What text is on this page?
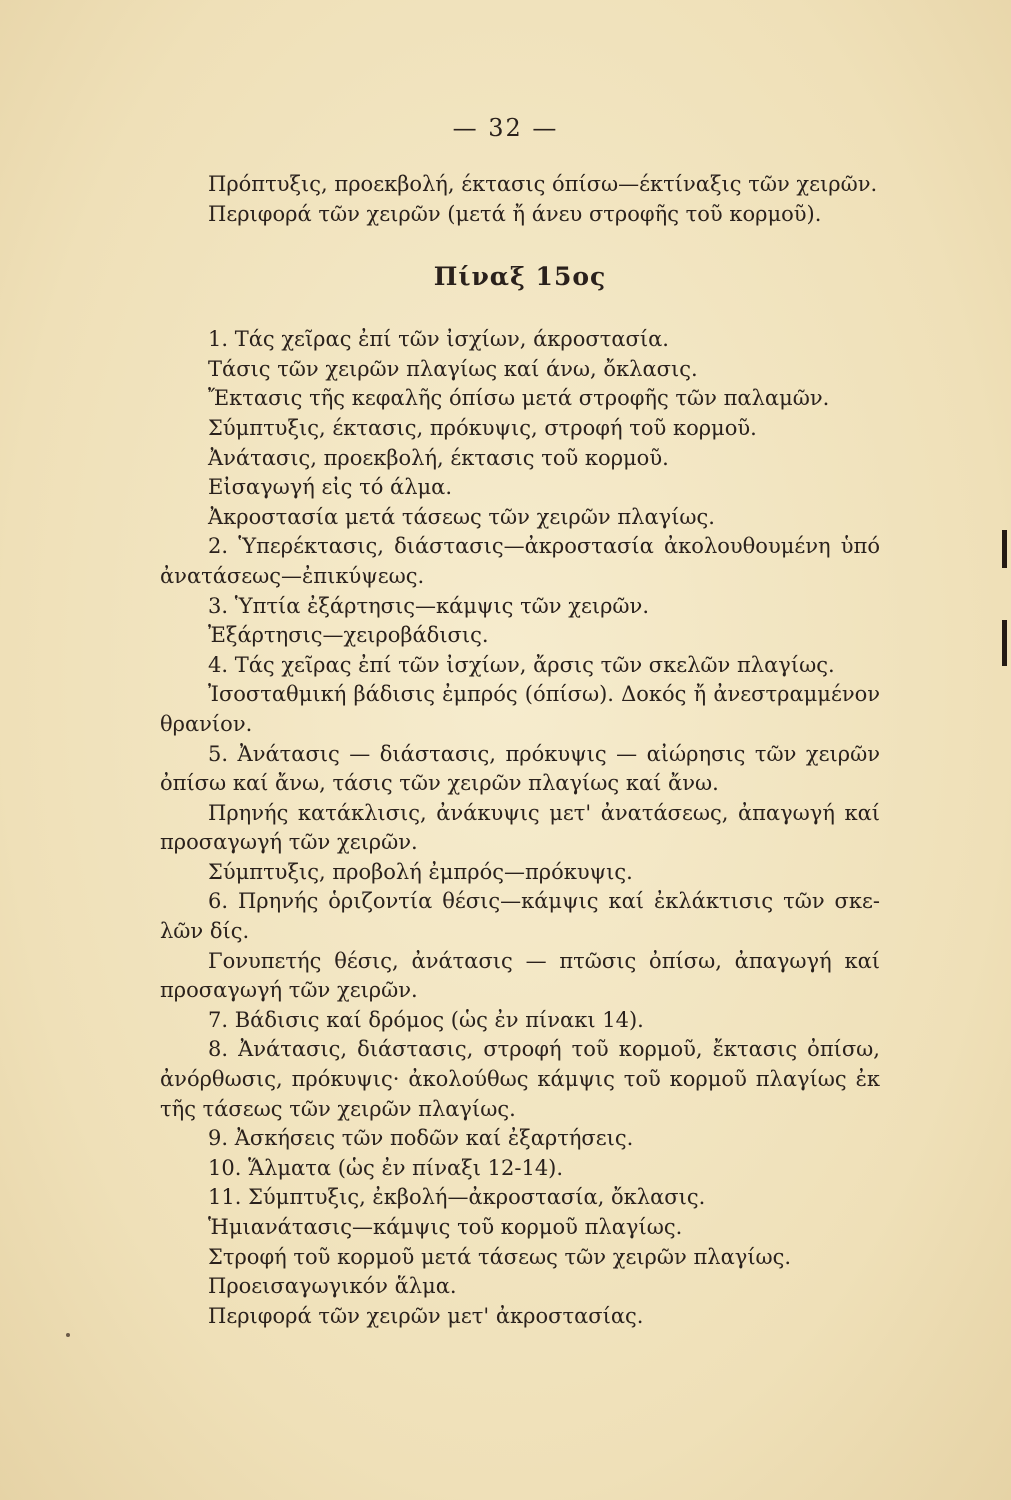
— 32 —
Πρόπτυξις, προεκβολή, έκτασις όπίσω—έκτίναξις τῶν χειρῶν.
Περιφορά τῶν χειρῶν (μετά ἤ άνευ στροφῆς τοῦ κορμοῦ).
Πίναξ 15ος
1. Τάς χεῖρας ἐπί τῶν ἰσχίων, άκροστασία.
Τάσις τῶν χειρῶν πλαγίως καί άνω, ὄκλασις.
Ἔκτασις τῆς κεφαλῆς όπίσω μετά στροφῆς τῶν παλαμῶν.
Σύμπτυξις, έκτασις, πρόκυψις, στροφή τοῦ κορμοῦ.
Ἀνάτασις, προεκβολή, έκτασις τοῦ κορμοῦ.
Εἰσαγωγή εἰς τό άλμα.
Ἀκροστασία μετά τάσεως τῶν χειρῶν πλαγίως.
2. Ὑπερέκτασις, διάστασις—ἀκροστασία ἀκολουθουμένη ὑπό
ἀνατάσεως—ἐπικύψεως.
3. Ὑπτία ἐξάρτησις—κάμψις τῶν χειρῶν.
Ἐξάρτησις—χειροβάδισις.
4. Τάς χεῖρας ἐπί τῶν ἰσχίων, ἄρσις τῶν σκελῶν πλαγίως.
Ἰσοσταθμική βάδισις ἐμπρός (όπίσω). Δοκός ἤ ἀνεστραμμένον
θρανίον.
5. Ἀνάτασις — διάστασις, πρόκυψις — αἰώρησις τῶν χειρῶν
ὀπίσω καί ἄνω, τάσις τῶν χειρῶν πλαγίως καί ἄνω.
Πρηνής κατάκλισις, ἀνάκυψις μετ' ἀνατάσεως, ἀπαγωγή καί
προσαγωγή τῶν χειρῶν.
Σύμπτυξις, προβολή ἐμπρός—πρόκυψις.
6. Πρηνής ὁριζοντία θέσις—κάμψις καί ἐκλάκτισις τῶν σκε-
λῶν δίς.
Γονυπετής θέσις, ἀνάτασις — πτῶσις ὀπίσω, ἀπαγωγή καί
προσαγωγή τῶν χειρῶν.
7. Βάδισις καί δρόμος (ὡς ἐν πίνακι 14).
8. Ἀνάτασις, διάστασις, στροφή τοῦ κορμοῦ, ἔκτασις ὀπίσω,
ἀνόρθωσις, πρόκυψις· ἀκολούθως κάμψις τοῦ κορμοῦ πλαγίως ἐκ
τῆς τάσεως τῶν χειρῶν πλαγίως.
9. Ἀσκήσεις τῶν ποδῶν καί ἐξαρτήσεις.
10. Ἅλματα (ὡς ἐν πίναξι 12-14).
11. Σύμπτυξις, ἐκβολή—ἀκροστασία, ὄκλασις.
Ἡμιανάτασις—κάμψις τοῦ κορμοῦ πλαγίως.
Στροφή τοῦ κορμοῦ μετά τάσεως τῶν χειρῶν πλαγίως.
Προεισαγωγικόν ἅλμα.
Περιφορά τῶν χειρῶν μετ' ἀκροστασίας.
